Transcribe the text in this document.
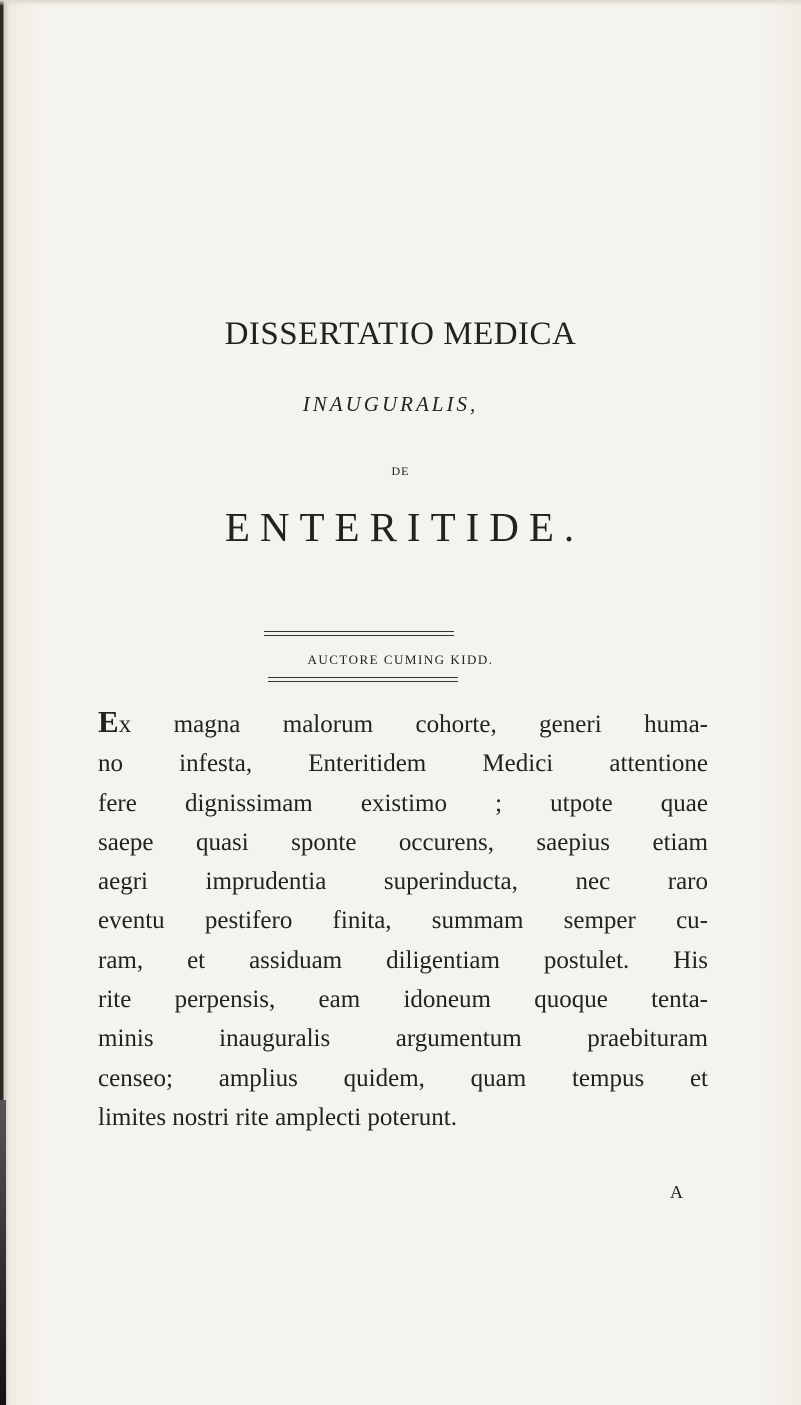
DISSERTATIO MEDICA
INAUGURALIS,
DE
ENTERITIDE.
AUCTORE CUMING KIDD.
Ex magna malorum cohorte, generi huma-
no infesta, Enteritidem Medici attentione
fere dignissimam existimo ; utpote quae
saepe quasi sponte occurens, saepius etiam
aegri imprudentia superinducta, nec raro
eventu pestifero finita, summam semper cu-
ram, et assiduam diligentiam postulet. His
rite perpensis, eam idoneum quoque tenta-
minis inauguralis argumentum praebituram
censeo; amplius quidem, quam tempus et
limites nostri rite amplecti poterunt.
A
